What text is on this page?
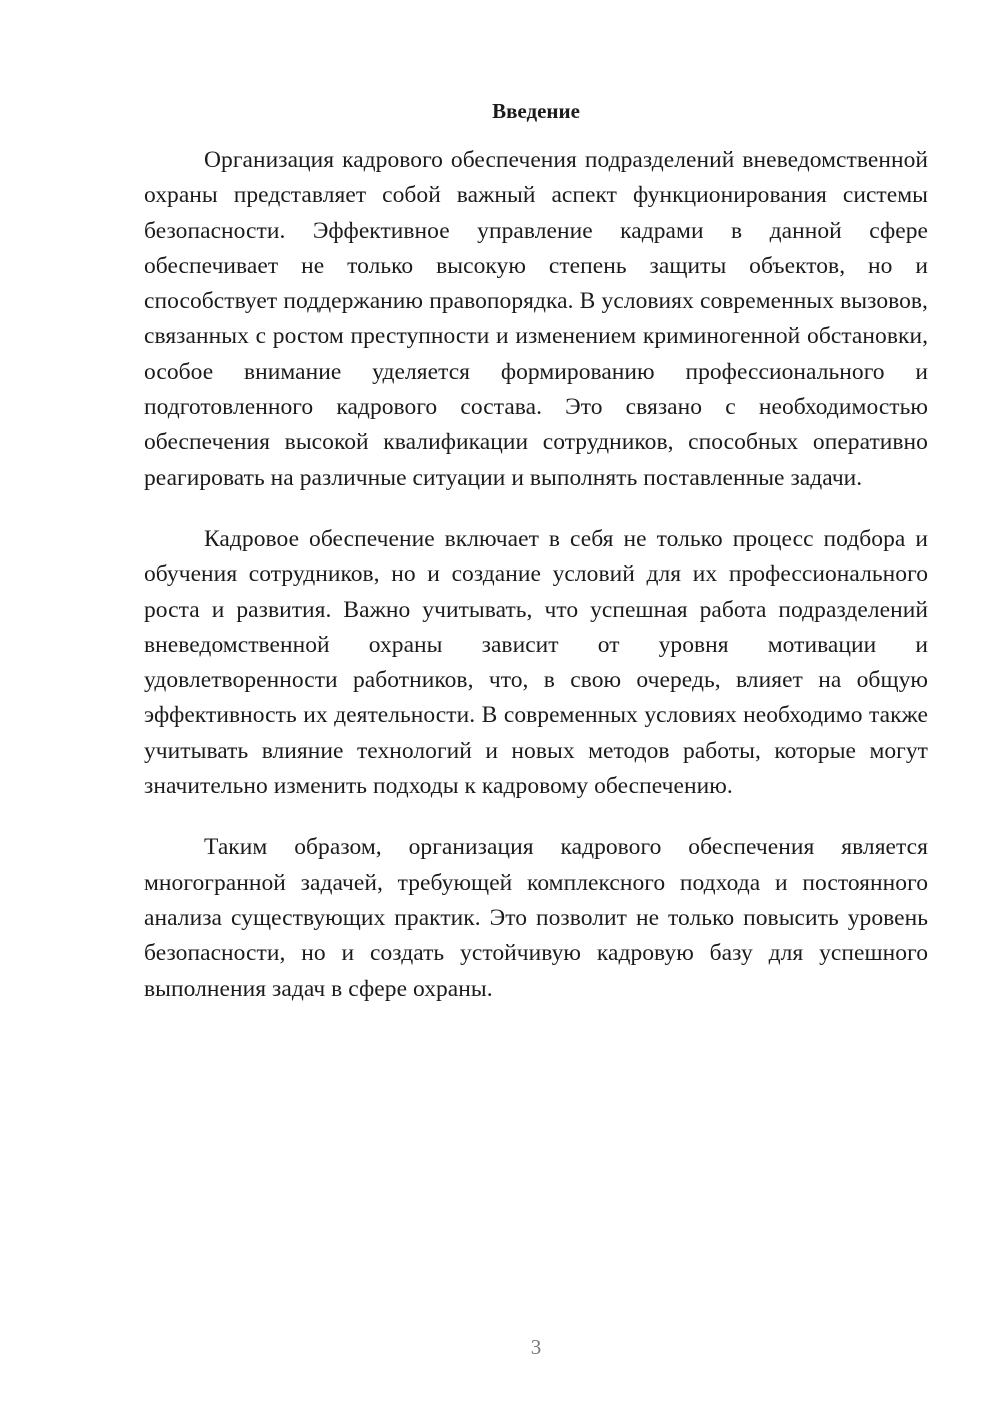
Введение

Организация кадрового обеспечения подразделений вневедомственной охраны представляет собой важный аспект функционирования системы безопасности. Эффективное управление кадрами в данной сфере обеспечивает не только высокую степень защиты объектов, но и способствует поддержанию правопорядка. В условиях современных вызовов, связанных с ростом преступности и изменением криминогенной обстановки, особое внимание уделяется формированию профессионального и подготовленного кадрового состава. Это связано с необходимостью обеспечения высокой квалификации сотрудников, способных оперативно реагировать на различные ситуации и выполнять поставленные задачи.

Кадровое обеспечение включает в себя не только процесс подбора и обучения сотрудников, но и создание условий для их профессионального роста и развития. Важно учитывать, что успешная работа подразделений вневедомственной охраны зависит от уровня мотивации и удовлетворенности работников, что, в свою очередь, влияет на общую эффективность их деятельности. В современных условиях необходимо также учитывать влияние технологий и новых методов работы, которые могут значительно изменить подходы к кадровому обеспечению.

Таким образом, организация кадрового обеспечения является многогранной задачей, требующей комплексного подхода и постоянного анализа существующих практик. Это позволит не только повысить уровень безопасности, но и создать устойчивую кадровую базу для успешного выполнения задач в сфере охраны.

3
